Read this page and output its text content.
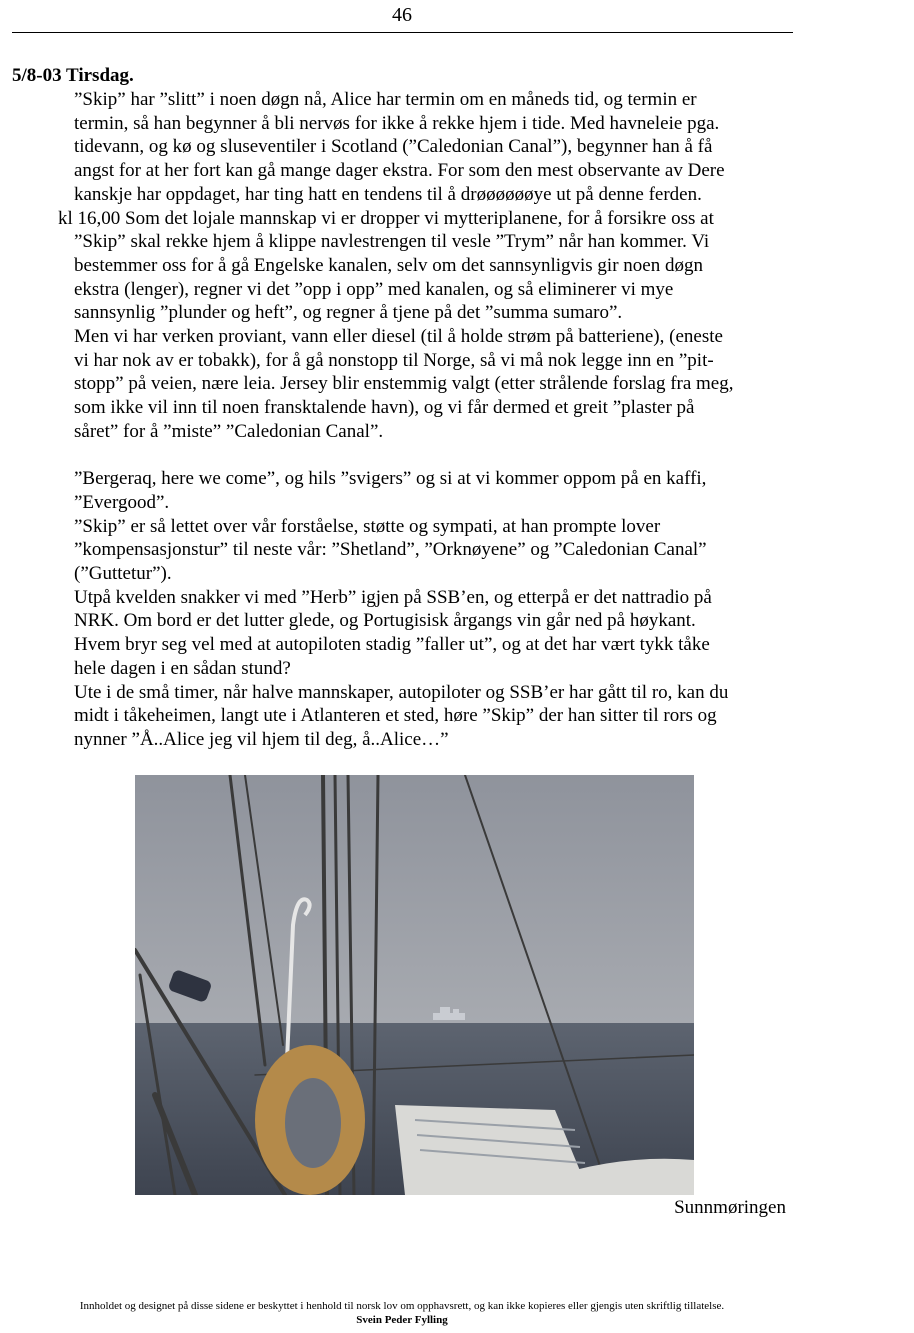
46
5/8-03 Tirsdag.
”Skip” har ”slitt” i noen døgn nå, Alice har termin om en måneds tid, og termin er
termin, så han begynner å bli nervøs for ikke å rekke hjem i tide. Med havneleie pga.
tidevann, og kø og sluseventiler i Scotland (”Caledonian Canal”), begynner han å få
angst for at her fort kan gå mange dager ekstra. For som den mest observante av Dere
kanskje har oppdaget, har ting hatt en tendens til å drøøøøøøye ut på denne ferden.
kl 16,00 Som det lojale mannskap vi er dropper vi mytteriplanene, for å forsikre oss at
”Skip” skal rekke hjem å klippe navlestrengen til vesle ”Trym” når han kommer. Vi
bestemmer oss for å gå Engelske kanalen, selv om det sannsynligvis gir noen døgn
ekstra (lenger), regner vi det ”opp i opp” med kanalen, og så eliminerer vi mye
sannsynlig ”plunder og heft”, og regner å tjene på det ”summa sumaro”.
Men vi har verken proviant, vann eller diesel (til å holde strøm på batteriene), (eneste
vi har nok av er tobakk), for å gå nonstopp til Norge, så vi må nok legge inn en ”pit-
stopp” på veien, nære leia. Jersey blir enstemmig valgt (etter strålende forslag fra meg,
som ikke vil inn til noen fransktalende havn), og vi får dermed et greit ”plaster på
såret” for å ”miste” ”Caledonian Canal”.
”Bergeraq, here we come”, og hils ”svigers” og si at vi kommer oppom på en kaffi,
”Evergood”.
”Skip” er så lettet over vår forståelse, støtte og sympati, at han prompte lover
”kompensasjonstur” til neste vår: ”Shetland”, ”Orknøyene” og ”Caledonian Canal”
(”Guttetur”).
Utpå kvelden snakker vi med ”Herb” igjen på SSB’en, og etterpå er det nattradio på
NRK. Om bord er det lutter glede, og Portugisisk årgangs vin går ned på høykant.
Hvem bryr seg vel med at autopiloten stadig ”faller ut”, og at det har vært tykk tåke
hele dagen i en sådan stund?
Ute i de små timer, når halve mannskaper, autopiloter og SSB’er har gått til ro, kan du
midt i tåkeheimen, langt ute i Atlanteren et sted, høre ”Skip” der han sitter til rors og
nynner ”Å..Alice jeg vil hjem til deg, å..Alice…”
Sunnmøringen
Innholdet og designet på disse sidene er beskyttet i henhold til norsk lov om opphavsrett, og kan ikke kopieres eller gjengis uten skriftlig tillatelse.
Svein Peder Fylling
